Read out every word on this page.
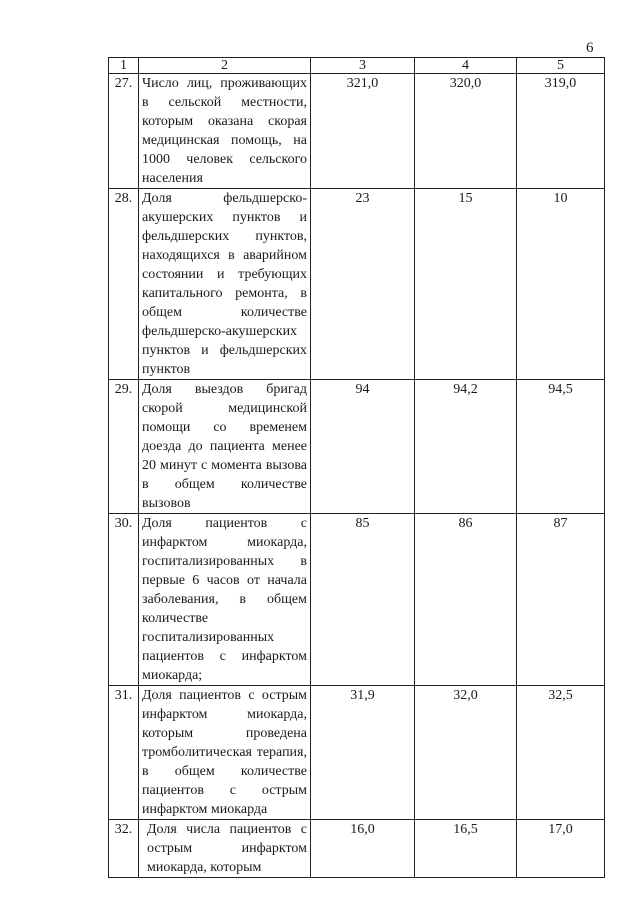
6
1	2	3	4	5
27.	Число лиц, проживающих в сельской местности, которым оказана скорая медицинская помощь, на 1000 человек сельского населения	321,0	320,0	319,0
28.	Доля фельдшерско-акушерских пунктов и фельдшерских пунктов, находящихся в аварийном состоянии и требующих капитального ремонта, в общем количестве фельдшерско-акушерских пунктов и фельдшерских пунктов	23	15	10
29.	Доля выездов бригад скорой медицинской помощи со временем доезда до пациента менее 20 минут с момента вызова в общем количестве вызовов	94	94,2	94,5
30.	Доля пациентов с инфарктом миокарда, госпитализированных в первые 6 часов от начала заболевания, в общем количестве госпитализированных пациентов с инфарктом миокарда;	85	86	87
31.	Доля пациентов с острым инфарктом миокарда, которым проведена тромболитическая терапия, в общем количестве пациентов с острым инфарктом миокарда	31,9	32,0	32,5
32.	Доля числа пациентов с острым инфарктом миокарда, которым	16,0	16,5	17,0
